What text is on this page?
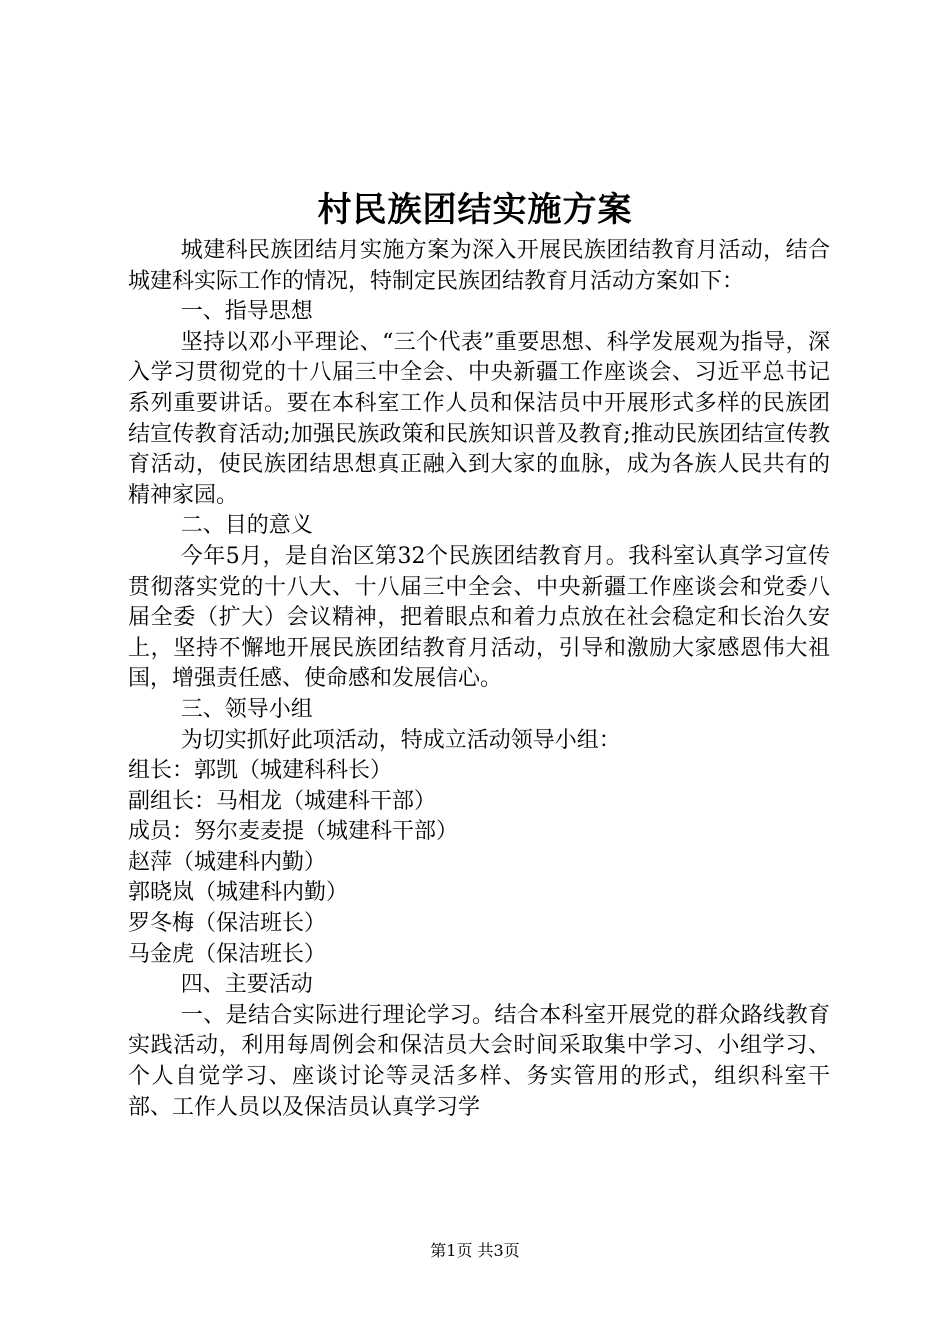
村民族团结实施方案

城建科民族团结月实施方案为深入开展民族团结教育月活动，结合城建科实际工作的情况，特制定民族团结教育月活动方案如下：

一、指导思想

坚持以邓小平理论、“三个代表”重要思想、科学发展观为指导，深入学习贯彻党的十八届三中全会、中央新疆工作座谈会、习近平总书记系列重要讲话。要在本科室工作人员和保洁员中开展形式多样的民族团结宣传教育活动;加强民族政策和民族知识普及教育;推动民族团结宣传教育活动，使民族团结思想真正融入到大家的血脉，成为各族人民共有的精神家园。

二、目的意义

今年5月，是自治区第32个民族团结教育月。我科室认真学习宣传贯彻落实党的十八大、十八届三中全会、中央新疆工作座谈会和党委八届全委（扩大）会议精神，把着眼点和着力点放在社会稳定和长治久安上，坚持不懈地开展民族团结教育月活动，引导和激励大家感恩伟大祖国，增强责任感、使命感和发展信心。

三、领导小组

为切实抓好此项活动，特成立活动领导小组：

组长：郭凯（城建科科长）

副组长：马相龙（城建科干部）

成员：努尔麦麦提（城建科干部）

赵萍（城建科内勤）

郭晓岚（城建科内勤）

罗冬梅（保洁班长）

马金虎（保洁班长）

四、主要活动

一、是结合实际进行理论学习。结合本科室开展党的群众路线教育实践活动，利用每周例会和保洁员大会时间采取集中学习、小组学习、个人自觉学习、座谈讨论等灵活多样、务实管用的形式，组织科室干部、工作人员以及保洁员认真学习学

第1页 共3页
